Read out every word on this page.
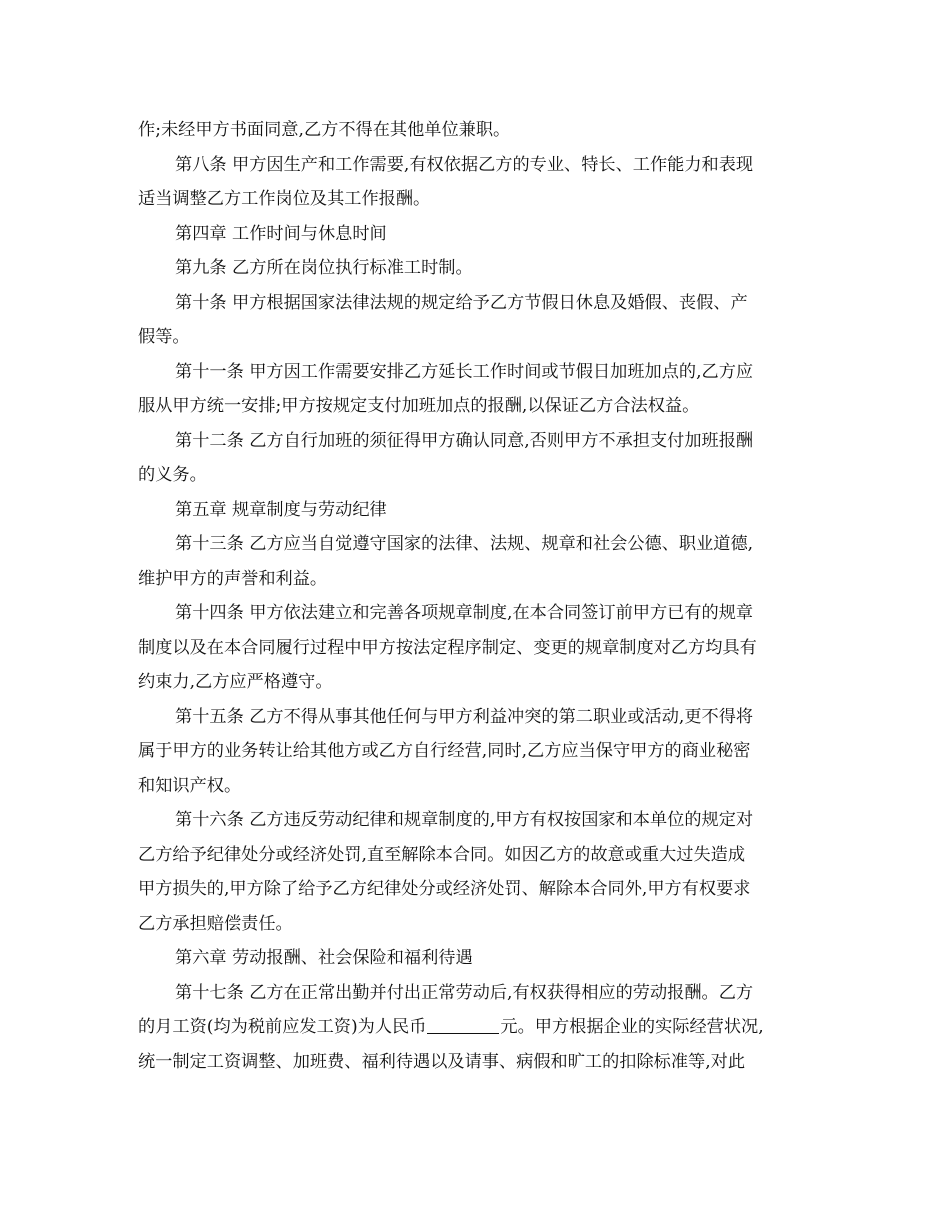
作;未经甲方书面同意,乙方不得在其他单位兼职。
第八条 甲方因生产和工作需要,有权依据乙方的专业、特长、工作能力和表现
适当调整乙方工作岗位及其工作报酬。
第四章 工作时间与休息时间
第九条 乙方所在岗位执行标准工时制。
第十条 甲方根据国家法律法规的规定给予乙方节假日休息及婚假、丧假、产
假等。
第十一条 甲方因工作需要安排乙方延长工作时间或节假日加班加点的,乙方应
服从甲方统一安排;甲方按规定支付加班加点的报酬,以保证乙方合法权益。
第十二条 乙方自行加班的须征得甲方确认同意,否则甲方不承担支付加班报酬
的义务。
第五章 规章制度与劳动纪律
第十三条 乙方应当自觉遵守国家的法律、法规、规章和社会公德、职业道德,
维护甲方的声誉和利益。
第十四条 甲方依法建立和完善各项规章制度,在本合同签订前甲方已有的规章
制度以及在本合同履行过程中甲方按法定程序制定、变更的规章制度对乙方均具有
约束力,乙方应严格遵守。
第十五条 乙方不得从事其他任何与甲方利益冲突的第二职业或活动,更不得将
属于甲方的业务转让给其他方或乙方自行经营,同时,乙方应当保守甲方的商业秘密
和知识产权。
第十六条 乙方违反劳动纪律和规章制度的,甲方有权按国家和本单位的规定对
乙方给予纪律处分或经济处罚,直至解除本合同。如因乙方的故意或重大过失造成
甲方损失的,甲方除了给予乙方纪律处分或经济处罚、解除本合同外,甲方有权要求
乙方承担赔偿责任。
第六章 劳动报酬、社会保险和福利待遇
第十七条 乙方在正常出勤并付出正常劳动后,有权获得相应的劳动报酬。乙方
的月工资(均为税前应发工资)为人民币	元。甲方根据企业的实际经营状况,
统一制定工资调整、加班费、福利待遇以及请事、病假和旷工的扣除标准等,对此
